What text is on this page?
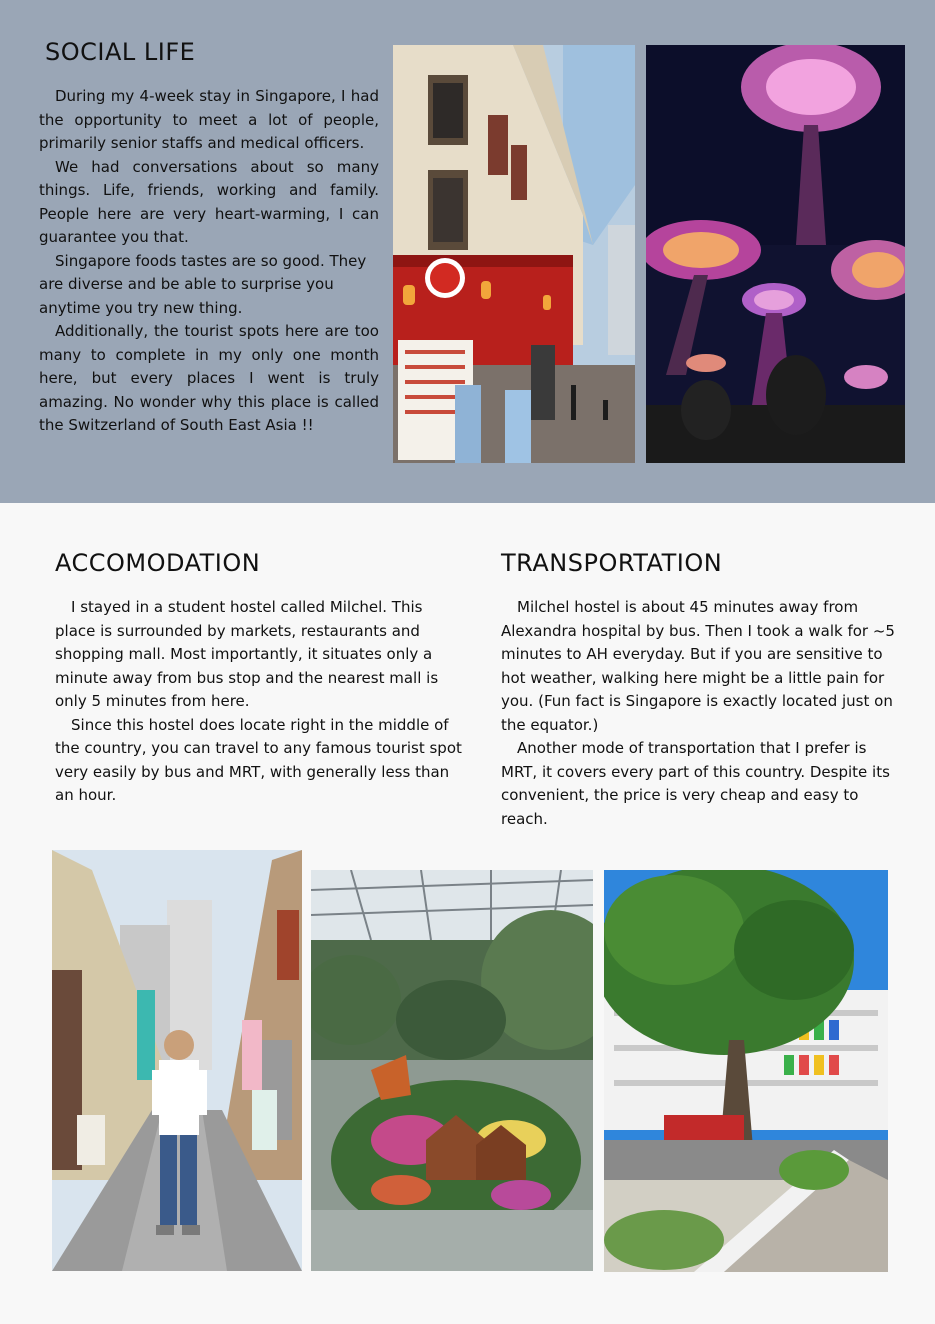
SOCIAL LIFE

During my 4-week stay in Singapore, I had the opportunity to meet a lot of people, primarily senior staffs and medical officers.

We had conversations about so many things. Life, friends, working and family. People here are very heart-warming, I can guarantee you that.

Singapore foods tastes are so good. They are diverse and be able to surprise you anytime you try new thing.

Additionally, the tourist spots here are too many to complete in my only one month here, but every places I went is truly amazing. No wonder why this place is called the Switzerland of South East Asia !!

ACCOMODATION

I stayed in a student hostel called Milchel. This place is surrounded by markets, restaurants and shopping mall. Most importantly, it situates only a minute away from bus stop and the nearest mall is only 5 minutes from here.

Since this hostel does locate right in the middle of the country, you can travel to any famous tourist spot very easily by bus and MRT, with generally less than an hour.

TRANSPORTATION

Milchel hostel is about 45 minutes away from Alexandra hospital by bus. Then I took a walk for ~5 minutes to AH everyday. But if you are sensitive to hot weather, walking here might be a little pain for you. (Fun fact is Singapore is exactly located just on the equator.)

Another mode of transportation that I prefer is MRT, it covers every part of this country. Despite its convenient, the price is very cheap and easy to reach.
